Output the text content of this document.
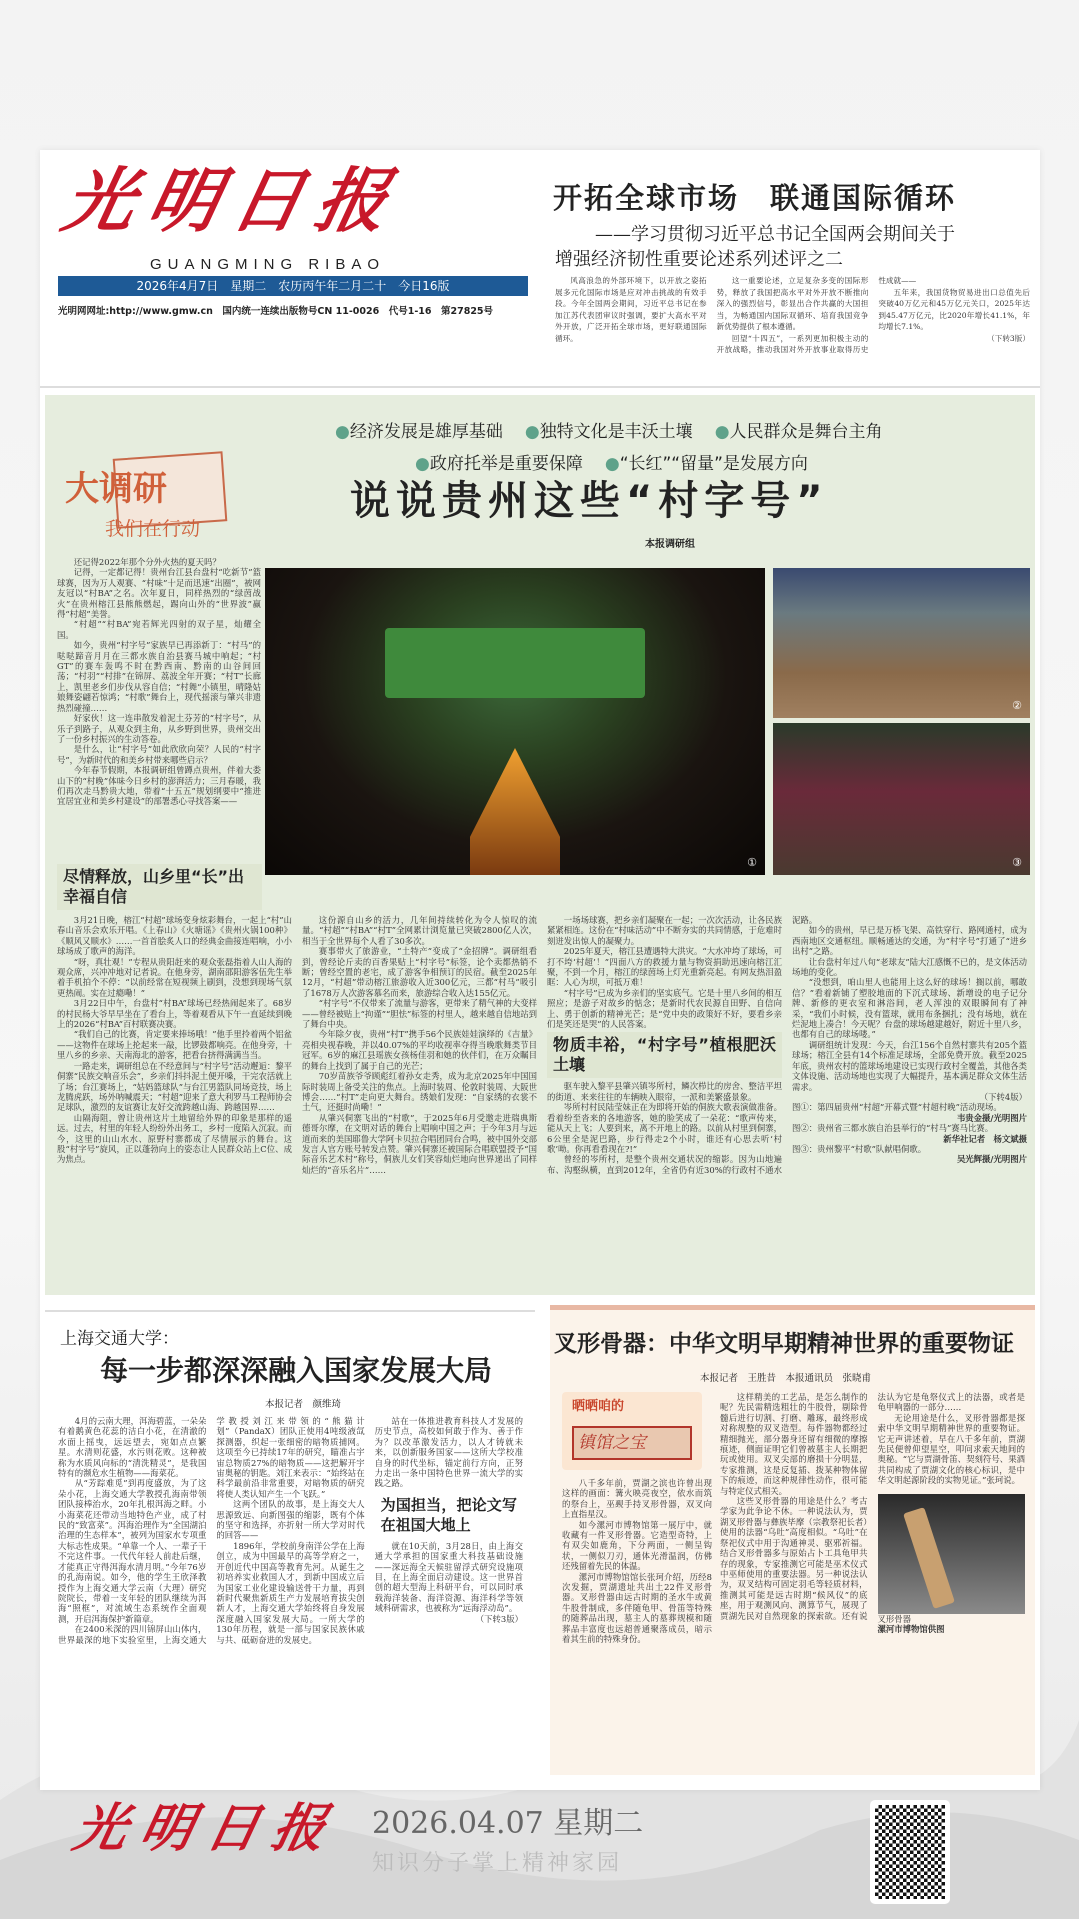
光明日报
GUANGMING RIBAO
2026年4月7日　星期二　农历丙午年二月二十　今日16版
光明网网址:http://www.gmw.cn　国内统一连续出版物号CN 11-0026　代号1-16　第27825号
开拓全球市场　联通国际循环
——学习贯彻习近平总书记全国两会期间关于
增强经济韧性重要论述系列述评之二

风高浪急的外部环境下，以开放之姿拓展多元化国际市场是应对冲击挑战的有效手段。今年全国两会期间，习近平总书记在参加江苏代表团审议时强调，要扩大高水平对外开放，广泛开拓全球市场，更好联通国际循环。

这一重要论述，立足复杂多变的国际形势，释放了我国把高水平对外开放不断推向深入的强烈信号，彰显出合作共赢的大国担当，为畅通国内国际双循环、培育我国竞争新优势提供了根本遵循。

回望“十四五”，一系列更加积极主动的开放战略，推动我国对外开放事业取得历史性成就——

五年来，我国货物贸易进出口总值先后突破40万亿元和45万亿元关口，2025年达到45.47万亿元，比2020年增长41.1%，年均增长7.1%。

（下转3版）

大调研
我们在行动
●经济发展是雄厚基础 ●独特文化是丰沃土壤 ●人民群众是舞台主角
●政府托举是重要保障 ●“长红”“留量”是发展方向
说说贵州这些“村字号”
本报调研组

还记得2022年那个分外火热的夏天吗？

记得，一定都记得！贵州台江县台盘村“吃新节”篮球赛，因为万人观赛、“村味”十足而迅速“出圈”，被网友冠以“村BA”之名。次年夏日，同样热烈的“绿茵战火”在贵州榕江县熊熊燃起，踢向山外的“世界波”赢得“村超”美誉。

“村超”“村BA”宛若辉光四射的双子星，灿耀全国。

如今，贵州“村字号”家族早已再添新丁：“村马”的哒哒蹄音月月在三都水族自治县赛马城中响起；“村GT”的赛车轰鸣不时在黔西南、黔南的山谷间回荡；“村羽”“村排”在锦屏、荔波全年开赛；“村T”长廊上，凯里老乡们步伐从容自信；“村舞”小镇里，晴隆姑娘舞姿翩若惊鸿；“村歌”舞台上，现代摇滚与肇兴非遗热烈碰撞……

好家伙！这一连串散发着泥土芬芳的“村字号”，从乐子到路子，从观众到主角，从乡野到世界，贵州交出了一份乡村振兴的生动答卷。

是什么，让“村字号”如此欣欣向荣？人民的“村字号”，为新时代的和美乡村带来哪些启示？

今年春节假期，本报调研组曾蹲点贵州，伴着大娄山下的“村晚”体味今日乡村的澎湃活力；三月春暖，我们再次走马黔贵大地，带着“十五五”规划纲要中“推进宜居宜业和美乡村建设”的部署悉心寻找答案——

①
②
③
尽情释放，山乡里“长”出幸福自信

3月21日晚，榕江“村超”球场变身炫彩舞台，一起上“村”山春山音乐会欢乐开唱。《上春山》《火塘谣》《贵州火锅100种》《顺风又顺水》……一首首脍炙人口的经典金曲接连唱响，小小球场成了歌声的海洋。

“呀，真壮观！”专程从贵阳赶来的观众张磊指着人山人海的观众席，兴冲冲地对记者说。在他身旁，湖南邵阳游客伍先生举着手机拍个不停：“以前经常在短视频上刷到，没想到现场气氛更热闹。实在过瘾嘞！”

3月22日中午，台盘村“村BA”球场已经热闹起来了。68岁的村民杨大爷早早坐在了看台上，等着观看从下午一直延续到晚上的2026“村BA”百村联赛决赛。

“我们自己的比赛，肯定要来捧场哦！”他手里拎着两个铝盆——这物件在球场上抡起来一敲，比锣鼓都响亮。在他身旁，十里八乡的乡亲、天南海北的游客，把看台挤得满满当当。

一路走来，调研组总在不经意间与“村字号”活动邂逅：黎平侗寨“民族交响音乐会”，乡亲们抖抖泥土便开嗓，干完农活就上了场；台江赛场上，“姑妈篮球队”与台江男篮队同场竞技，场上龙腾虎跃，场外呐喊震天；“村超”迎来了意大利罗马工程师协会足球队，激烈的友谊赛让友好交流跨越山海、跨越国界……

山隔海阻，曾让贵州这片土地留给外界的印象是那样的遥远。过去，村里的年轻人纷纷外出务工，乡村一度陷入沉寂。而今，这里的山山水水、原野村寨都成了尽情展示的舞台。这股“村字号”旋风，正以蓬勃向上的姿态让人民群众站上C位、成为焦点。

这份源自山乡的活力，几年间持续转化为令人惊叹的流量。“村超”“村BA”“村T”全网累计浏览量已突破2800亿人次，相当于全世界每个人看了30多次。

赛事带火了旅游业，“土特产”变成了“金招牌”。调研组看到，曾经论斤卖的百香果贴上“村字号”标签，论个卖都热销不断；曾经空置的老宅，成了游客争相预订的民宿。截至2025年12月，“村超”带动榕江旅游收入近300亿元，三都“村马”吸引了1678万人次游客慕名而来，旅游综合收入达155亿元。

“村字号”不仅带来了流量与游客，更带来了精气神的大变样——曾经被贴上“拘谨”“胆怯”标签的村里人，越来越自信地站到了舞台中央。

今年除夕夜，贵州“村T”携手56个民族娃娃演绎的《吉量》亮相央视春晚，并以40.07%的平均收视率夺得当晚歌舞类节目冠军。6岁的麻江县瑶族女孩杨佳羽和她的伙伴们，在万众瞩目的舞台上找到了属于自己的光芒；

70岁苗族爷爷顾彪红着孙女走秀，成为北京2025年中国国际时装周上备受关注的焦点。上海时装周、伦敦时装周、大阪世博会……“村T”走向更大舞台。绣娘们发现：“自家绣的衣裳不土气，还挺时尚嘞！”

从肇兴侗寨飞出的“村歌”，于2025年6月受邀走进瑞典斯德哥尔摩，在文明对话的舞台上唱响中国之声；于今年3月与远道而来的美国耶鲁大学阿卡贝拉合唱团同台合鸣，被中国外交部发言人官方账号转发点赞。肇兴侗寨还被国际合唱联盟授予“国际音乐艺术村”称号，侗族儿女们笑容灿烂地向世界递出了同样灿烂的“音乐名片”……

一场场球赛，把乡亲们凝聚在一起；一次次活动，让各民族紧紧相连。这份在“村味活动”中不断夯实的共同情感，于危难时刻迸发出惊人的凝聚力。

2025年夏天，榕江县遭遇特大洪灾。“大水冲垮了球场，可打不垮‘村超’！”四面八方的救援力量与物资捐助迅速向榕江汇聚，不到一个月，榕江的绿茵场上灯光重新亮起。有网友热泪盈眶：人心为坝，可抵万难！

“村字号”已成为乡亲们的坚实底气。它是十里八乡间的相互照应；是游子对故乡的惦念；是新时代农民源自田野、自信向上、勇于创新的精神光芒；是“党中央的政策好不好，要看乡亲们是笑还是哭”的人民答案。

物质丰裕，“村字号”植根肥沃土壤

驱车驶入黎平县肇兴镇岑所村，鳞次栉比的房舍、整洁平坦的街道、来来往往的车辆映入眼帘，一派和美繁盛景象。

岑所村村民陆莹妹正在为即将开始的侗族大歌表演做准备。看着纷至沓来的各地游客，她的脸笑成了一朵花：“歌声传来，能从天上飞；人要到来，离不开地上的路。以前从村里到侗寨，6公里全是泥巴路，步行得走2个小时，谁还有心思去听‘村歌’呦。你再看看现在?!”

曾经的岑所村，是整个贵州交通状况的缩影。因为山地遍布、沟壑纵横，直到2012年，全省仍有近30%的行政村不通水泥路。

如今的贵州，早已是万桥飞架、高铁穿行、路网通村，成为西南地区交通枢纽。顺畅通达的交通，为“村字号”打通了“进乡出村”之路。

让台盘村年过八旬“老球友”陆大江感慨不已的，是文体活动场地的变化。

“没想到，咱山里人也能用上这么好的球场！搁以前，哪敢信？”看着新铺了塑胶地面的下沉式球场、新增设的电子记分牌、新修的更衣室和淋浴间，老人浑浊的双眼瞬间有了神采，“我们小时候，没有篮球，就用布条捆扎；没有场地，就在烂泥地上凑合！今天呢？台盘的球场越建越好，附近十里八乡，也都有自己的球场喽。”

调研组统计发现：今天，台江156个自然村寨共有205个篮球场；榕江全县有14个标准足球场，全部免费开放。截至2025年底，贵州农村的篮球场地建设已实现行政村全覆盖，其他各类文体设施、活动场地也实现了大幅提升，基本满足群众文体生活需求。

（下转4版）

图①：第四届贵州“村超”开幕式暨“村超村晚”活动现场。
韦贵金摄/光明图片
图②：贵州省三都水族自治县举行的“村马”赛马比赛。
新华社记者　杨文斌摄
图③：贵州黎平“村歌”队献唱侗歌。
吴光辉摄/光明图片
上海交通大学：
每一步都深深融入国家发展大局
本报记者　颜维琦

4月的云南大理，洱海碧蓝，一朵朵有着鹅黄色花蕊的洁白小花，在清澈的水面上摇曳，远远望去，宛如点点繁星。水清则花盛，水污则花败。这种被称为水质风向标的“清洗精灵”，是我国特有的濒危水生植物——海菜花。

从“芳踪难觅”到再度盛放，为了这朵小花，上海交通大学教授孔海南带领团队接棒治水，20年扎根洱海之畔。小小海菜花还带动当地特色产业，成了村民的“致富菜”。洱海治理作为“全国湖泊治理的生态样本”，被列为国家水专项重大标志性成果。“单靠一个人、一辈子干不完这件事。一代代年轻人前赴后继，才能真正守得洱海水清月明。”今年76岁的孔海南说。如今，他的学生王欣泽教授作为上海交通大学云南（大理）研究院院长，带着一支年轻的团队继续为洱海“照框”，对流域生态系统作全面观测，开启洱海保护新篇章。

在2400米深的四川锦屏山山体内，世界最深的地下实验室里，上海交通大学教授刘江来带领的“熊猫计划”（PandaX）团队正使用4吨级液氙探测器，织起一张细密的暗物质捕网。这项至今已持续17年的研究，瞄准占宇宙总物质27%的暗物质——这把解开宇宙奥秘的钥匙。刘江来表示：“始终站在科学最前沿非常重要，对暗物质的研究将使人类认知产生一个飞跃。”

这两个团队的故事，是上海交大人思源致远、向新图强的缩影，既有个体的坚守和选择，亦折射一所大学对时代的回答——

1896年，学校前身南洋公学在上海创立，成为中国最早的高等学府之一，开创近代中国高等教育先河。从诞生之初培养实业救国人才，到新中国成立后为国家工业化建设输送骨干力量，再到新时代聚焦新质生产力发展培育拔尖创新人才，上海交通大学始终将自身发展深度融入国家发展大局。一所大学的130年历程，就是一部与国家民族休戚与共、砥砺奋进的发展史。

站在一体推进教育科技人才发展的历史节点，高校如何敢于作为、善于作为？以改革激发活力，以人才铸就未来，以创新服务国家——这所大学校准自身的时代坐标，锚定前行方向，正努力走出一条中国特色世界一流大学的实践之路。

为国担当，把论文写在祖国大地上

就在10天前，3月28日，由上海交通大学承担的国家重大科技基础设施——深远海全天候驻留浮式研究设施项目，在上海全面启动建设。这一世界首创的超大型海上科研平台，可以同时承载海洋装备、海洋资源、海洋科学等领域科研需求，也被称为“远海浮动岛”。

（下转3版）

叉形骨器：中华文明早期精神世界的重要物证
本报记者　王胜昔　本报通讯员　张晓甫
晒晒咱的
镇馆之宝

八千多年前，贾湖之滨也许曾出现这样的画面：篝火映亮夜空，依水而筑的祭台上，巫觋手持叉形骨器，双叉向上直指星汉。

如今漯河市博物馆第一展厅中，就收藏有一件叉形骨器。它造型奇特，上有双尖如鹿角，下分两面，一侧呈钩状，一侧似刀刃，通体光滑温润，仿佛还残留着先民的体温。

漯河市博物馆馆长张珂介绍，历经8次发掘，贾湖遗址共出土22件叉形骨器。叉形骨器由远古时期的圣水牛或黄牛股骨制成，多伴随龟甲、骨笛等特殊的随葬品出现，墓主人的墓葬规模和随葬品丰富度也远超普通聚落成员，暗示着其生前的特殊身份。

这样精美的工艺品，是怎么制作的呢？先民需精选粗壮的牛股骨，剔除骨髓后进行切割、打磨、雕琢，最终形成对称规整的双叉造型。每件器物都经过精细抛光，部分器身还留有细微的摩擦痕迹，侧面证明它们曾被墓主人长期把玩或使用。双叉尖部的磨损十分明显，专家推测，这是反复插、拨某种物体留下的痕迹，而这种规律性动作，很可能与特定仪式相关。

这些叉形骨器的用途是什么？考古学家为此争论不休。一种说法认为，贾湖叉形骨器与彝族毕摩（宗教祭祀长者）使用的法器“乌吐”高度相似。“乌吐”在祭祀仪式中用于沟通神灵、驱邪祈福。结合叉形骨器多与原始占卜工具龟甲共存的现象，专家推测它可能是巫术仪式中巫师使用的重要法器。另一种说法认为，双叉结构可固定羽毛等轻质材料，推测其可能是远古时期“候风仪”的底座，用于观测风向、测算节气，展现了贾湖先民对自然现象的探索欲。还有说法认为它是龟祭仪式上的法器，或者是龟甲响器的一部分……

无论用途是什么，叉形骨器都是探索中华文明早期精神世界的重要物证。它无声讲述着，早在八千多年前，贾湖先民便曾仰望星空，叩问求索天地间的奥秘。“它与贾湖骨笛、契刻符号、果酒共同构成了贾湖文化的核心标识，是中华文明起源阶段的实物见证。”张珂说。

叉形骨器
漯河市博物馆供图
光明日报 2026.04.07 星期二
知识分子掌上精神家园
